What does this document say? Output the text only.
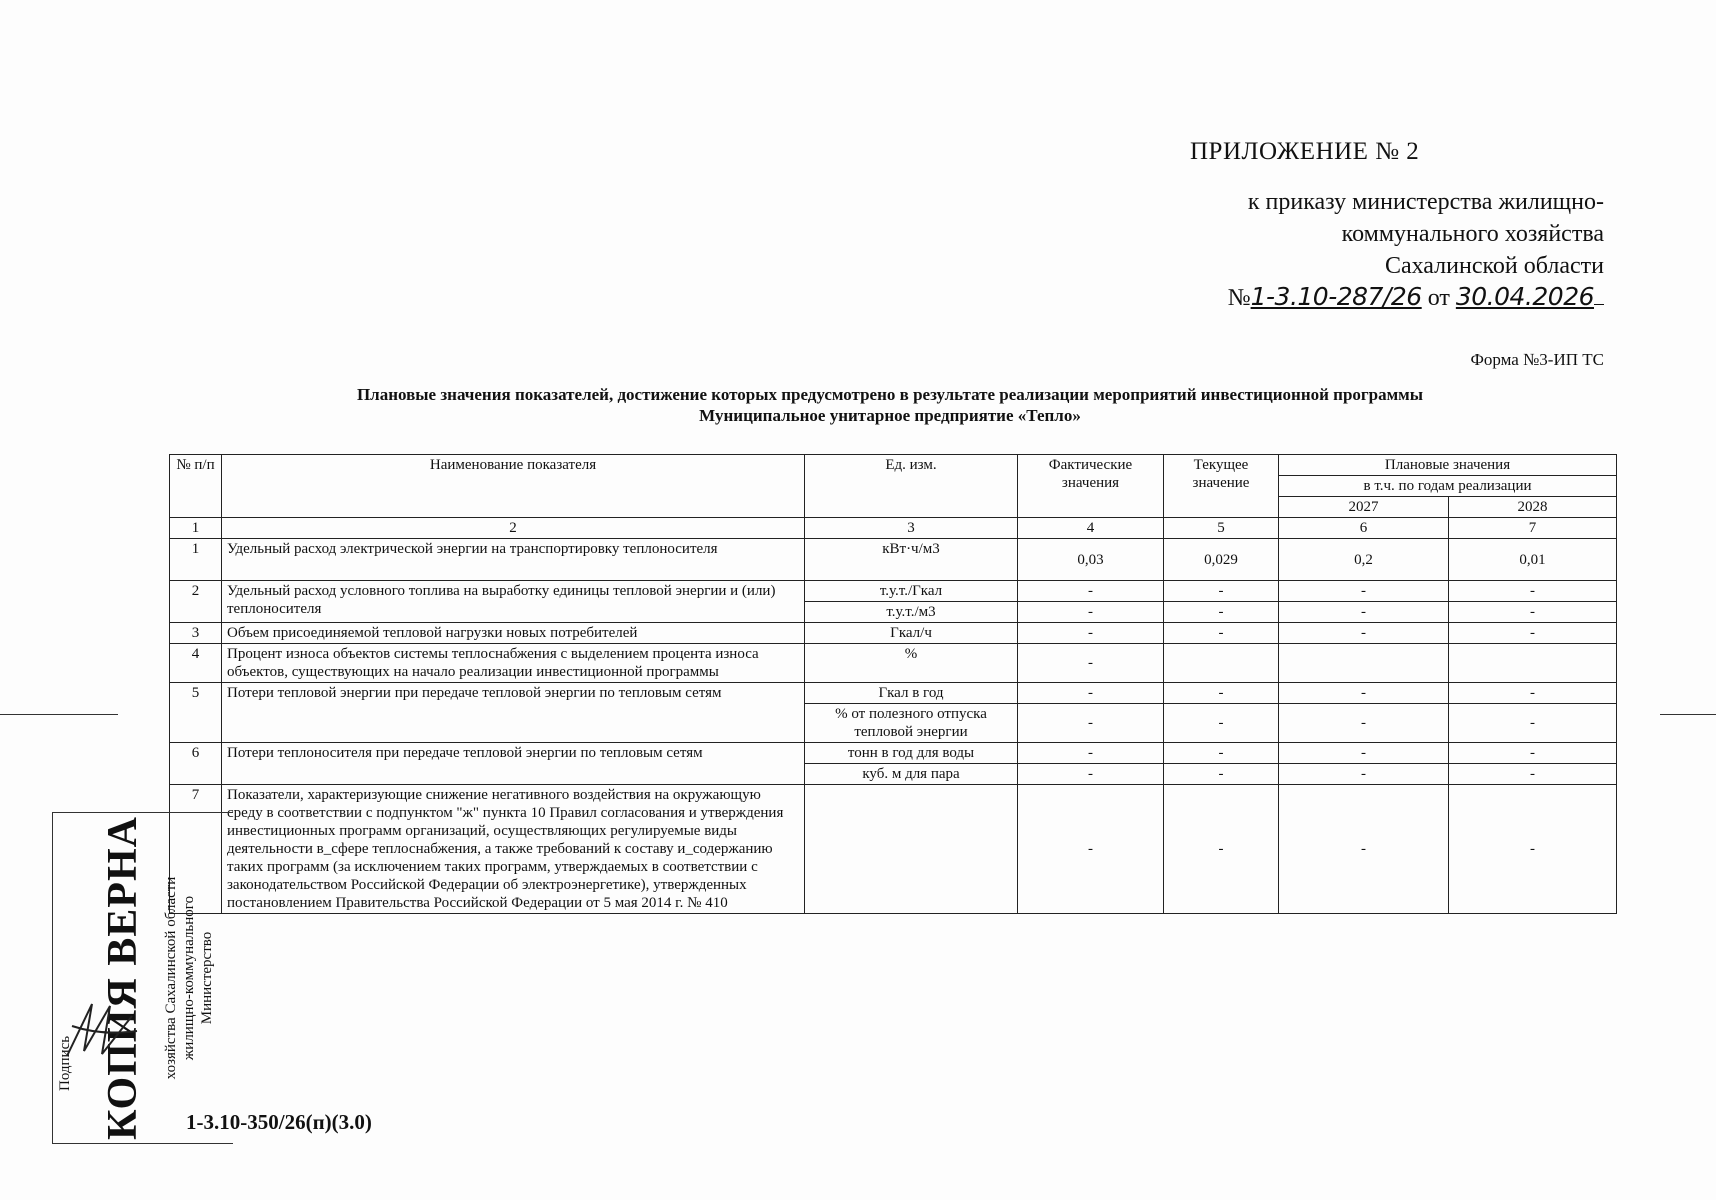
ПРИЛОЖЕНИЕ № 2
к приказу министерства жилищно-
коммунального хозяйства
Сахалинской области
№1-3.10-287/26 от 30.04.2026
Форма №3-ИП ТС
Плановые значения показателей, достижение которых предусмотрено в результате реализации мероприятий инвестиционной программы
Муниципальное унитарное предприятие «Тепло»
№ п/п	Наименование показателя	Ед. изм.	Фактические значения	Текущее значение	Плановые значения	
					в т.ч. по годам реализации	
					2027	2028
1	2	3	4	5	6	7
1	Удельный расход электрической энергии на транспортировку теплоносителя	кВт·ч/м3	0,03	0,029	0,2	0,01
2	Удельный расход условного топлива на выработку единицы тепловой энергии и (или) теплоносителя	т.у.т./Гкал	-	-	-	-
		т.у.т./м3	-	-	-	-
3	Объем присоединяемой тепловой нагрузки новых потребителей	Гкал/ч	-	-	-	-
4	Процент износа объектов системы теплоснабжения с выделением процента износа объектов, существующих на начало реализации инвестиционной программы	%	-			
5	Потери тепловой энергии при передаче тепловой энергии по тепловым сетям	Гкал в год	-	-	-	-
		% от полезного отпуска тепловой энергии	-	-	-	-
6	Потери теплоносителя при передаче тепловой энергии по тепловым сетям	тонн в год для воды	-	-	-	-
		куб. м для пара	-	-	-	-
7	Показатели, характеризующие снижение негативного воздействия на окружающую среду в соответствии с подпунктом "ж" пункта 10 Правил согласования и утверждения инвестиционных программ организаций, осуществляющих регулируемые виды деятельности в_сфере теплоснабжения, а также требований к составу и_содержанию таких программ (за исключением таких программ, утверждаемых в соответствии с законодательством Российской Федерации об электроэнергетике), утвержденных постановлением Правительства Российской Федерации от 5 мая 2014 г. № 410		-	-	-	-
Подпись КОПИЯ ВЕРНА хозяйства Сахалинской области жилищно-коммунального Министерство
1-3.10-350/26(п)(3.0)
